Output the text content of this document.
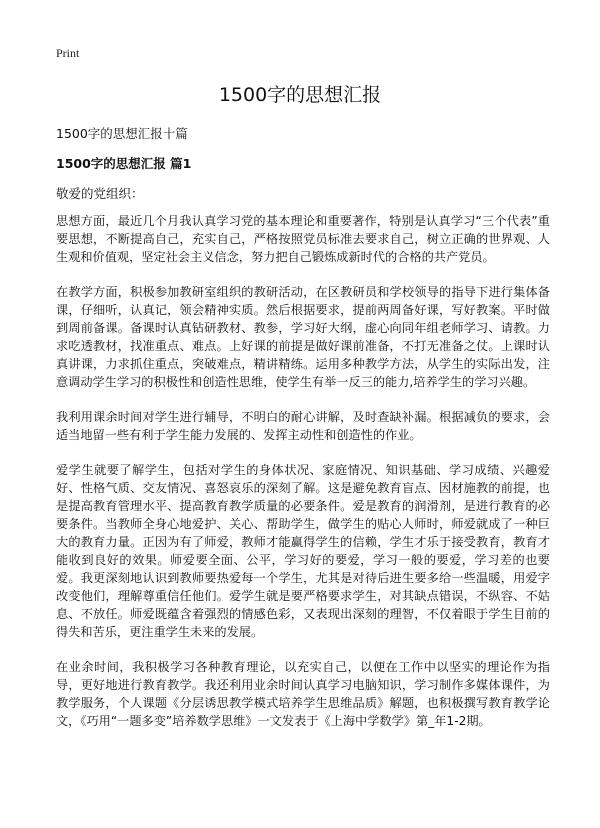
Print
1500字的思想汇报

1500字的思想汇报十篇

1500字的思想汇报 篇1

敬爱的党组织：

思想方面，最近几个月我认真学习党的基本理论和重要著作，特别是认真学习“三个代表”重要思想，不断提高自己，充实自己，严格按照党员标准去要求自己，树立正确的世界观、人生观和价值观，坚定社会主义信念，努力把自己锻炼成新时代的合格的共产党员。

在教学方面，积极参加教研室组织的教研活动，在区教研员和学校领导的指导下进行集体备课，仔细听，认真记，领会精神实质。然后根据要求，提前两周备好课，写好教案。平时做到周前备课。备课时认真钻研教材、教参，学习好大纲，虚心向同年组老师学习、请教。力求吃透教材，找准重点、难点。上好课的前提是做好课前准备，不打无准备之仗。上课时认真讲课，力求抓住重点，突破难点，精讲精练。运用多种教学方法，从学生的实际出发，注意调动学生学习的积极性和创造性思维，使学生有举一反三的能力,培养学生的学习兴趣。

我利用课余时间对学生进行辅导，不明白的耐心讲解，及时查缺补漏。根据减负的要求，会适当地留一些有利于学生能力发展的、发挥主动性和创造性的作业。

爱学生就要了解学生，包括对学生的身体状况、家庭情况、知识基础、学习成绩、兴趣爱好、性格气质、交友情况、喜怒哀乐的深刻了解。这是避免教育盲点、因材施教的前提，也是提高教育管理水平、提高教育教学质量的必要条件。爱是教育的润滑剂，是进行教育的必要条件。当教师全身心地爱护、关心、帮助学生，做学生的贴心人师时，师爱就成了一种巨大的教育力量。正因为有了师爱，教师才能赢得学生的信赖，学生才乐于接受教育，教育才能收到良好的效果。师爱要全面、公平，学习好的要爱，学习一般的要爱，学习差的也要爱。我更深刻地认识到教师要热爱每一个学生，尤其是对待后进生要多给一些温暖，用爱字改变他们，理解尊重信任他们。爱学生就是要严格要求学生，对其缺点错误，不纵容、不姑息、不放任。师爱既蕴含着强烈的情感色彩，又表现出深刻的理智，不仅着眼于学生目前的得失和苦乐，更注重学生未来的发展。

在业余时间，我积极学习各种教育理论，以充实自己，以便在工作中以坚实的理论作为指导，更好地进行教育教学。我还利用业余时间认真学习电脑知识，学习制作多媒体课件，为教学服务，个人课题《分层诱思教学模式培养学生思维品质》解题，也积极撰写教育教学论文，《巧用“一题多变”培养数学思维》一文发表于《上海中学数学》第_年1-2期。
